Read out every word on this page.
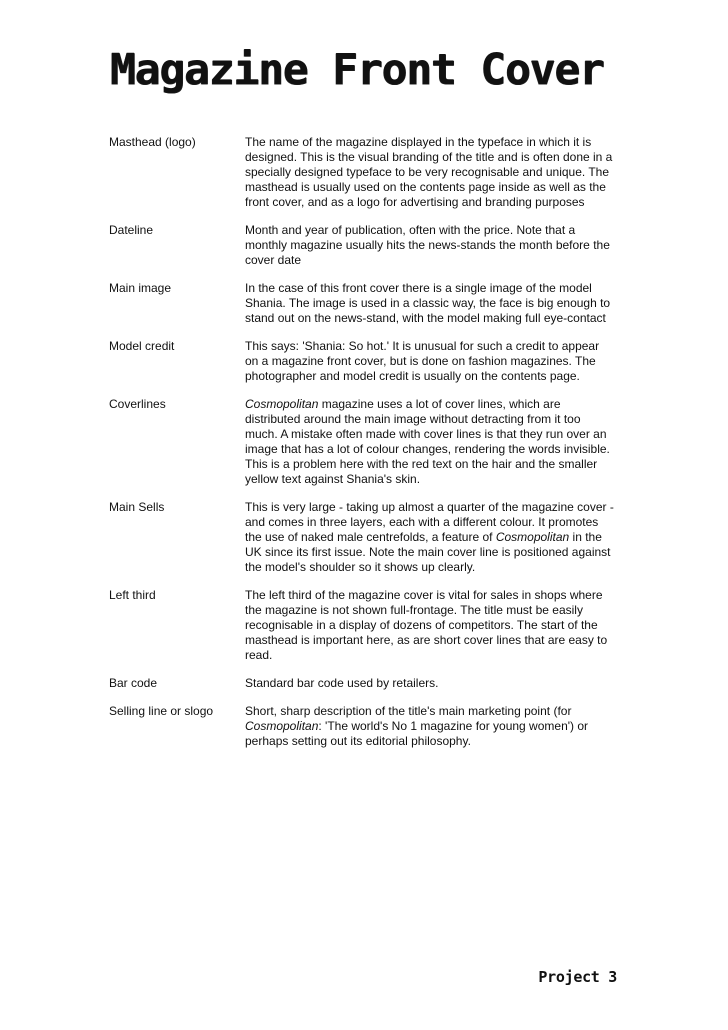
Magazine Front Cover
Masthead (logo)	The name of the magazine displayed in the typeface in which it is designed. This is the visual branding of the title and is often done in a specially designed typeface to be very recognisable and unique. The masthead is usually used on the contents page inside as well as the front cover, and as a logo for advertising and branding purposes
Dateline	Month and year of publication, often with the price. Note that a monthly magazine usually hits the news-stands the month before the cover date
Main image	In the case of this front cover there is a single image of the model Shania. The image is used in a classic way, the face is big enough to stand out on the news-stand, with the model making full eye-contact
Model credit	This says: 'Shania: So hot.' It is unusual for such a credit to appear on a magazine front cover, but is done on fashion magazines. The photographer and model credit is usually on the contents page.
Coverlines	Cosmopolitan magazine uses a lot of cover lines, which are distributed around the main image without detracting from it too much. A mistake often made with cover lines is that they run over an image that has a lot of colour changes, rendering the words invisible. This is a problem here with the red text on the hair and the smaller yellow text against Shania's skin.
Main Sells	This is very large - taking up almost a quarter of the magazine cover - and comes in three layers, each with a different colour. It promotes the use of naked male centrefolds, a feature of Cosmopolitan in the UK since its first issue. Note the main cover line is positioned against the model's shoulder so it shows up clearly.
Left third	The left third of the magazine cover is vital for sales in shops where the magazine is not shown full-frontage. The title must be easily recognisable in a display of dozens of competitors. The start of the masthead is important here, as are short cover lines that are easy to read.
Bar code	Standard bar code used by retailers.
Selling line or slogo	Short, sharp description of the title's main marketing point (for Cosmopolitan: 'The world's No 1 magazine for young women') or perhaps setting out its editorial philosophy.
Project 3
